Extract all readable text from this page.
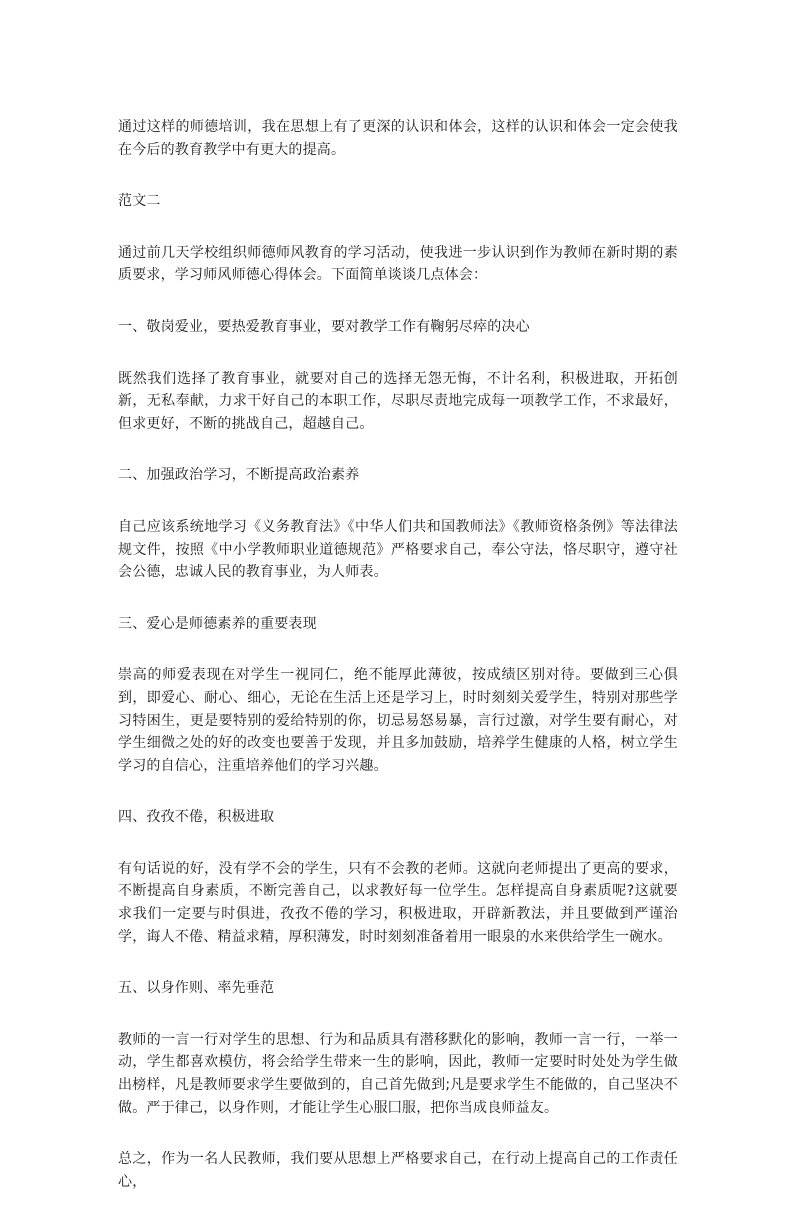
通过这样的师德培训，我在思想上有了更深的认识和体会，这样的认识和体会一定会使我在今后的教育教学中有更大的提高。

范文二

通过前几天学校组织师德师风教育的学习活动，使我进一步认识到作为教师在新时期的素质要求，学习师风师德心得体会。下面简单谈谈几点体会：

一、敬岗爱业，要热爱教育事业，要对教学工作有鞠躬尽瘁的决心

既然我们选择了教育事业，就要对自己的选择无怨无悔，不计名利，积极进取，开拓创新，无私奉献，力求干好自己的本职工作，尽职尽责地完成每一项教学工作，不求最好，但求更好，不断的挑战自己，超越自己。

二、加强政治学习，不断提高政治素养

自己应该系统地学习《义务教育法》《中华人们共和国教师法》《教师资格条例》等法律法规文件，按照《中小学教师职业道德规范》严格要求自己，奉公守法，恪尽职守，遵守社会公德，忠诚人民的教育事业，为人师表。

三、爱心是师德素养的重要表现

崇高的师爱表现在对学生一视同仁，绝不能厚此薄彼，按成绩区别对待。要做到三心俱到，即爱心、耐心、细心，无论在生活上还是学习上，时时刻刻关爱学生，特别对那些学习特困生，更是要特别的爱给特别的你，切忌易怒易暴，言行过激，对学生要有耐心，对学生细微之处的好的改变也要善于发现，并且多加鼓励，培养学生健康的人格，树立学生学习的自信心，注重培养他们的学习兴趣。

四、孜孜不倦，积极进取

有句话说的好，没有学不会的学生，只有不会教的老师。这就向老师提出了更高的要求，不断提高自身素质，不断完善自己，以求教好每一位学生。怎样提高自身素质呢?这就要求我们一定要与时俱进，孜孜不倦的学习，积极进取，开辟新教法，并且要做到严谨治学，诲人不倦、精益求精，厚积薄发，时时刻刻准备着用一眼泉的水来供给学生一碗水。

五、以身作则、率先垂范

教师的一言一行对学生的思想、行为和品质具有潜移默化的影响，教师一言一行，一举一动，学生都喜欢模仿，将会给学生带来一生的影响，因此，教师一定要时时处处为学生做出榜样，凡是教师要求学生要做到的，自己首先做到;凡是要求学生不能做的，自己坚决不做。严于律己，以身作则，才能让学生心服囗服，把你当成良师益友。

总之，作为一名人民教师，我们要从思想上严格要求自己，在行动上提高自己的工作责任心，
